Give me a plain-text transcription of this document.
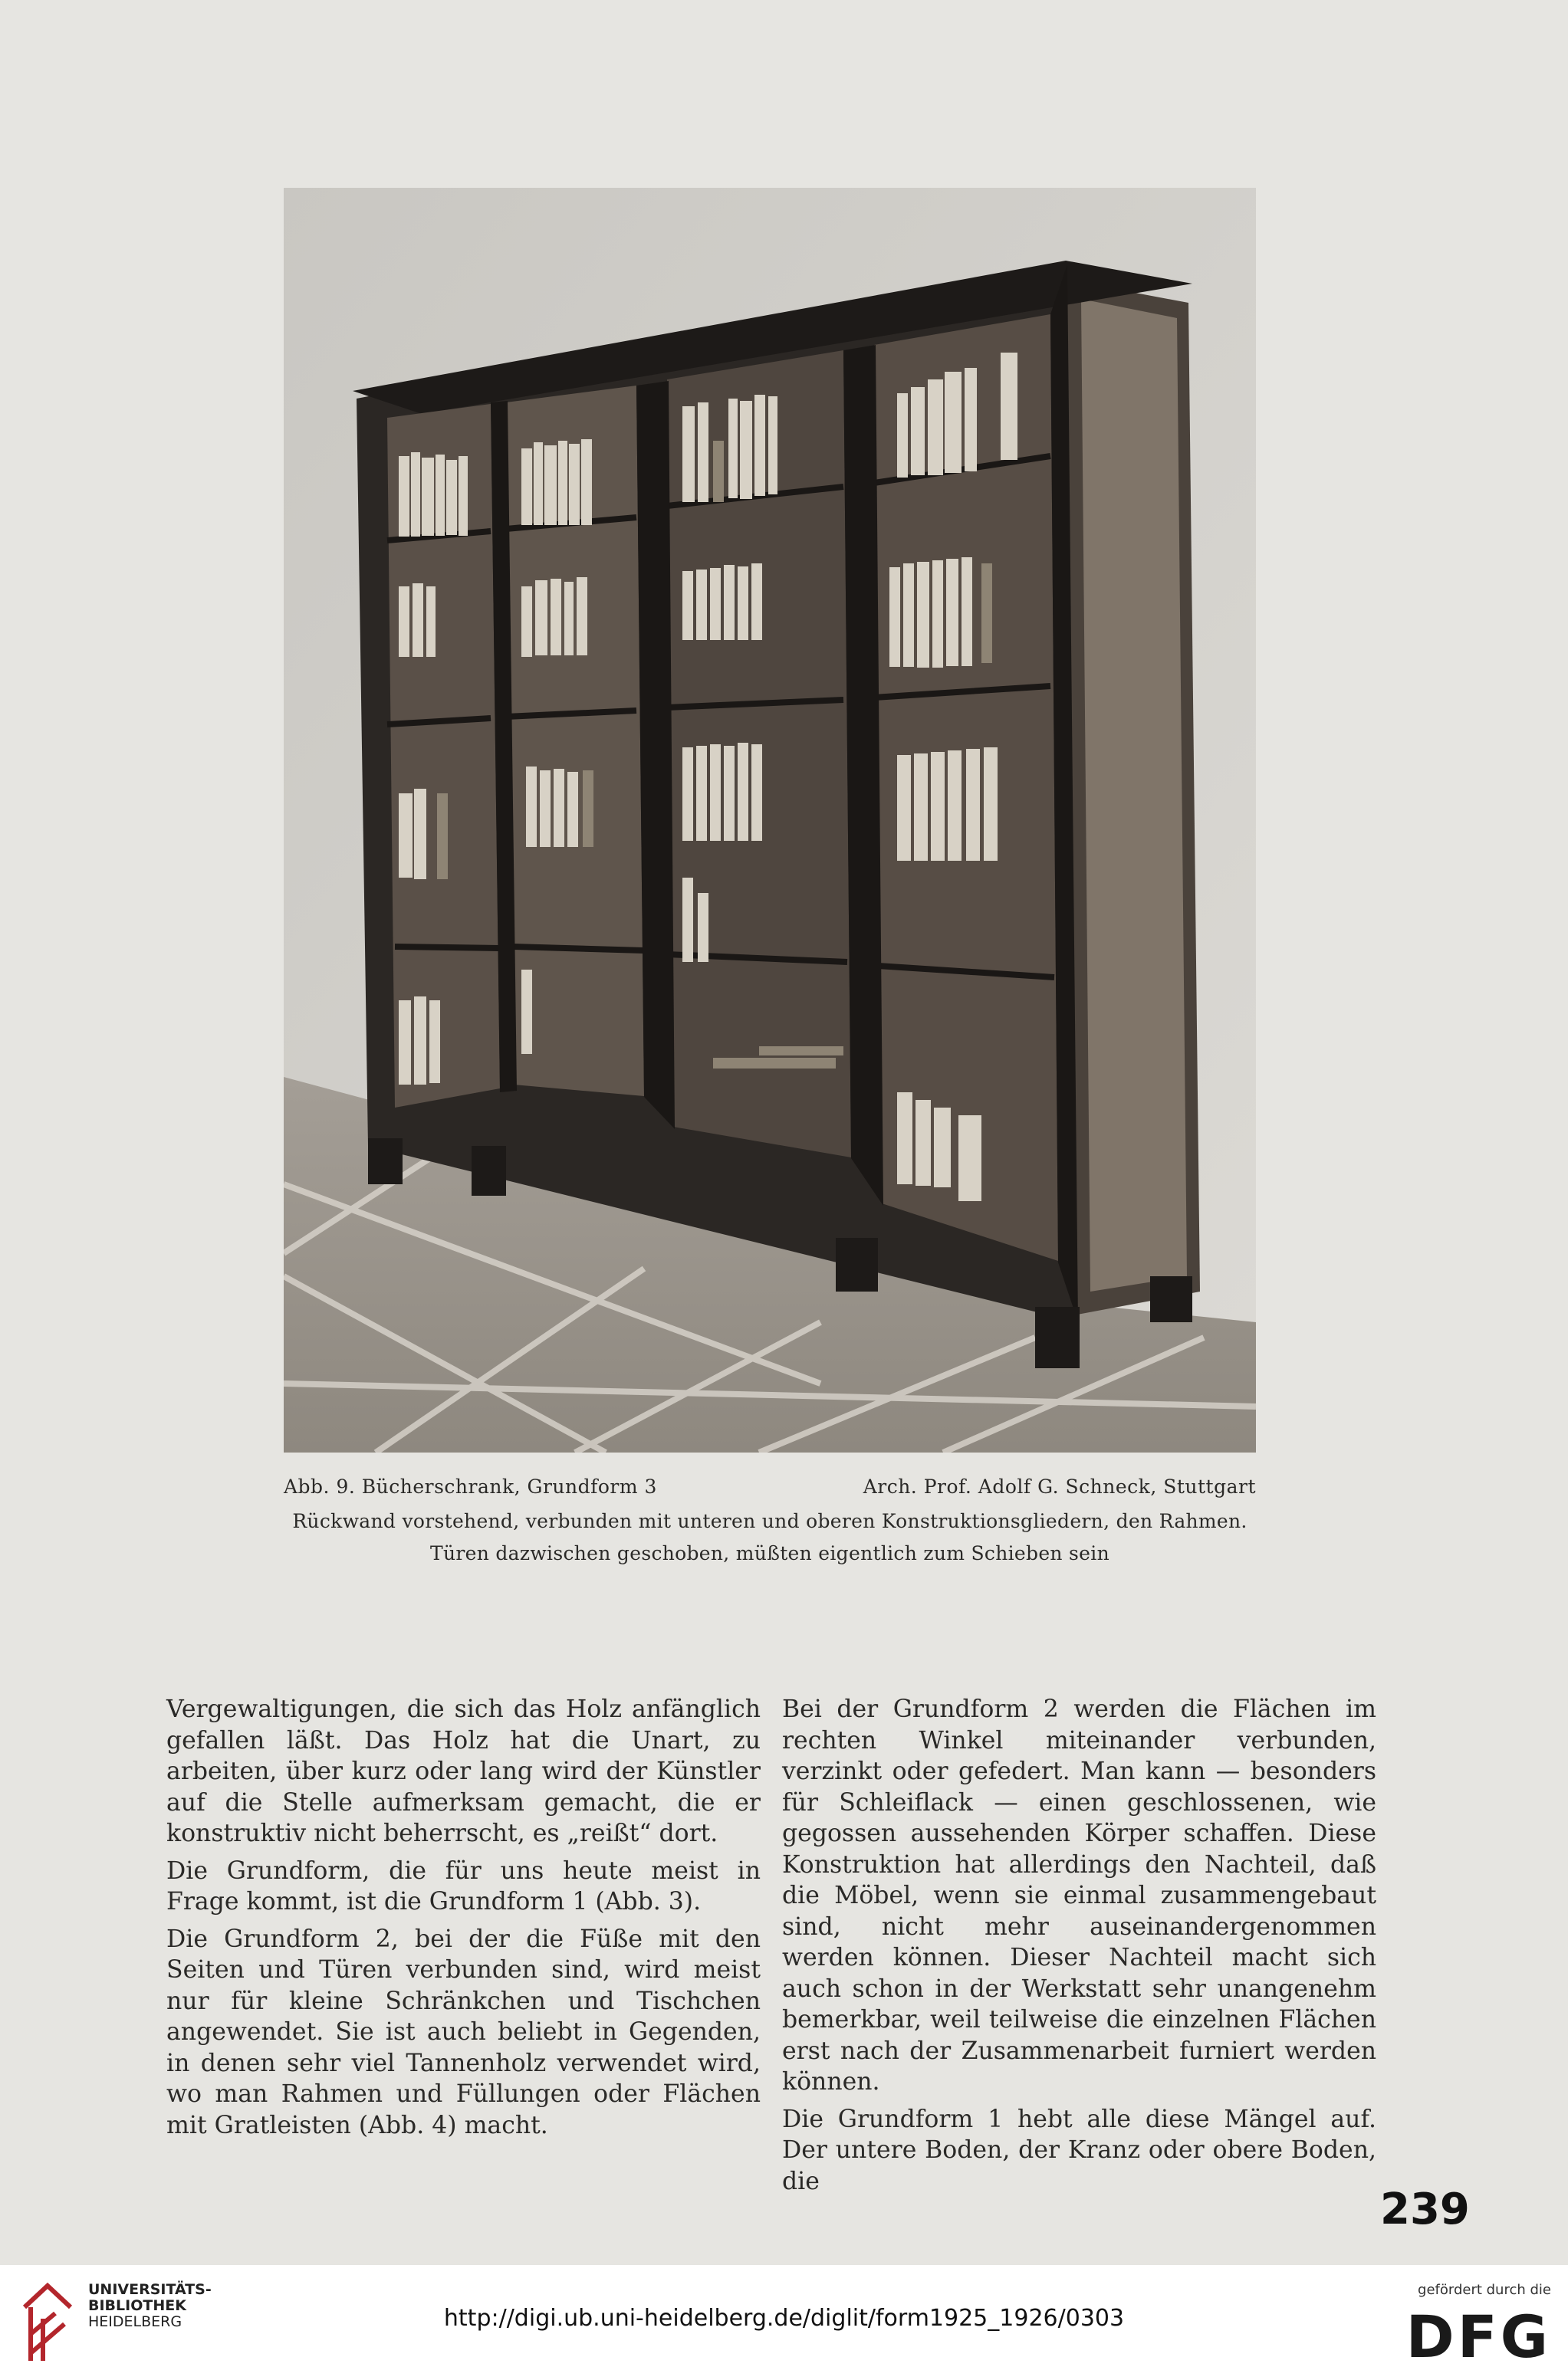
Abb. 9. Bücherschrank, Grundform 3	Arch. Prof. Adolf G. Schneck, Stuttgart
Rückwand vorstehend, verbunden mit unteren und oberen Konstruktionsgliedern, den Rahmen.
Türen dazwischen geschoben, müßten eigentlich zum Schieben sein

Vergewaltigungen, die sich das Holz anfänglich gefallen läßt. Das Holz hat die Unart, zu arbeiten, über kurz oder lang wird der Künstler auf die Stelle aufmerksam gemacht, die er konstruktiv nicht beherrscht, es „reißt“ dort.

Die Grundform, die für uns heute meist in Frage kommt, ist die Grundform 1 (Abb. 3).

Die Grundform 2, bei der die Füße mit den Seiten und Türen verbunden sind, wird meist nur für kleine Schränkchen und Tischchen angewendet. Sie ist auch beliebt in Gegenden, in denen sehr viel Tannenholz verwendet wird, wo man Rahmen und Füllungen oder Flächen mit Gratleisten (Abb. 4) macht.

Bei der Grundform 2 werden die Flächen im rechten Winkel miteinander verbunden, verzinkt oder gefedert. Man kann — besonders für Schleiflack — einen geschlossenen, wie gegossen aussehenden Körper schaffen. Diese Konstruktion hat allerdings den Nachteil, daß die Möbel, wenn sie einmal zusammengebaut sind, nicht mehr auseinandergenommen werden können. Dieser Nachteil macht sich auch schon in der Werkstatt sehr unangenehm bemerkbar, weil teilweise die einzelnen Flächen erst nach der Zusammenarbeit furniert werden können.

Die Grundform 1 hebt alle diese Mängel auf. Der untere Boden, der Kranz oder obere Boden, die

239
UNIVERSITÄTS-
BIBLIOTHEK
HEIDELBERG	http://digi.ub.uni-heidelberg.de/diglit/form1925_1926/0303
gefördert durch die
DFG
